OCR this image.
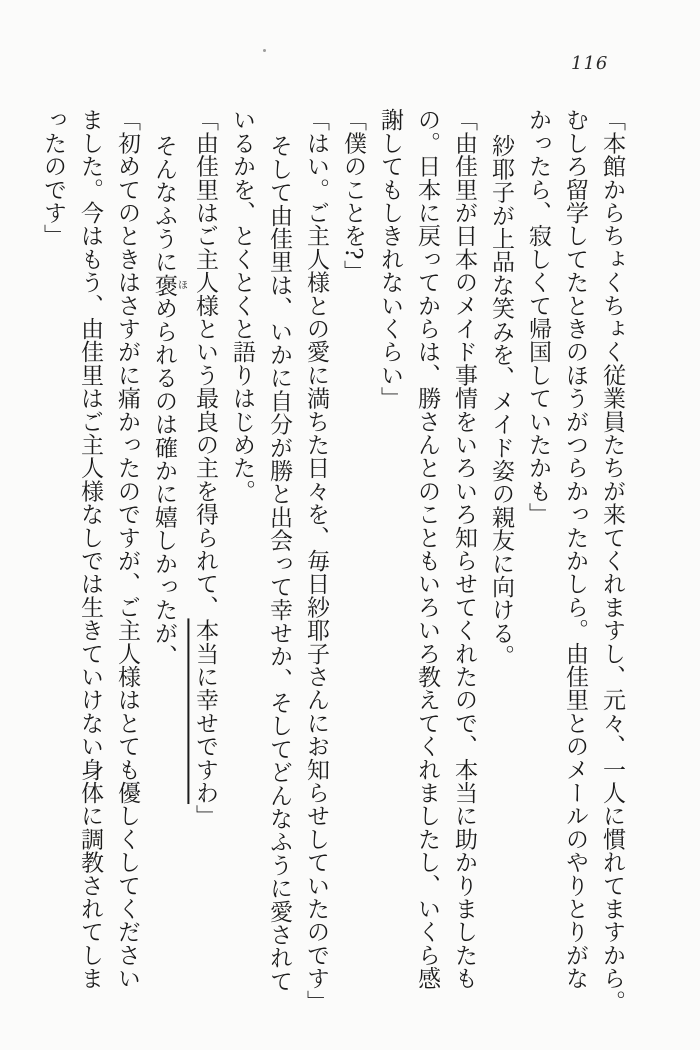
116

「本館からちょくちょく従業員たちが来てくれますし、元々、一人に慣れてますから。

むしろ留学してたときのほうがつらかったかしら。由佳里とのメールのやりとりがな

かったら、寂しくて帰国していたかも」

紗耶子が上品な笑みを、メイド姿の親友に向ける。

「由佳里が日本のメイド事情をいろいろ知らせてくれたので、本当に助かりましたも

の。日本に戻ってからは、勝さんとのこともいろいろ教えてくれましたし、いくら感

謝してもしきれないくらい」

「僕のことを?」

「はい。ご主人様との愛に満ちた日々を、毎日紗耶子さんにお知らせしていたのです」

そして由佳里は、いかに自分が勝と出会って幸せか、そしてどんなふうに愛されて

いるかを、とくとくと語りはじめた。

「由佳里はご主人様という最良の主を得られて、本当に幸せですわ」

そんなふうに褒ほめられるのは確かに嬉しかったが、

「初めてのときはさすがに痛かったのですが、ご主人様はとても優しくしてください

ました。今はもう、由佳里はご主人様なしでは生きていけない身体に調教されてしま

ったのです」
